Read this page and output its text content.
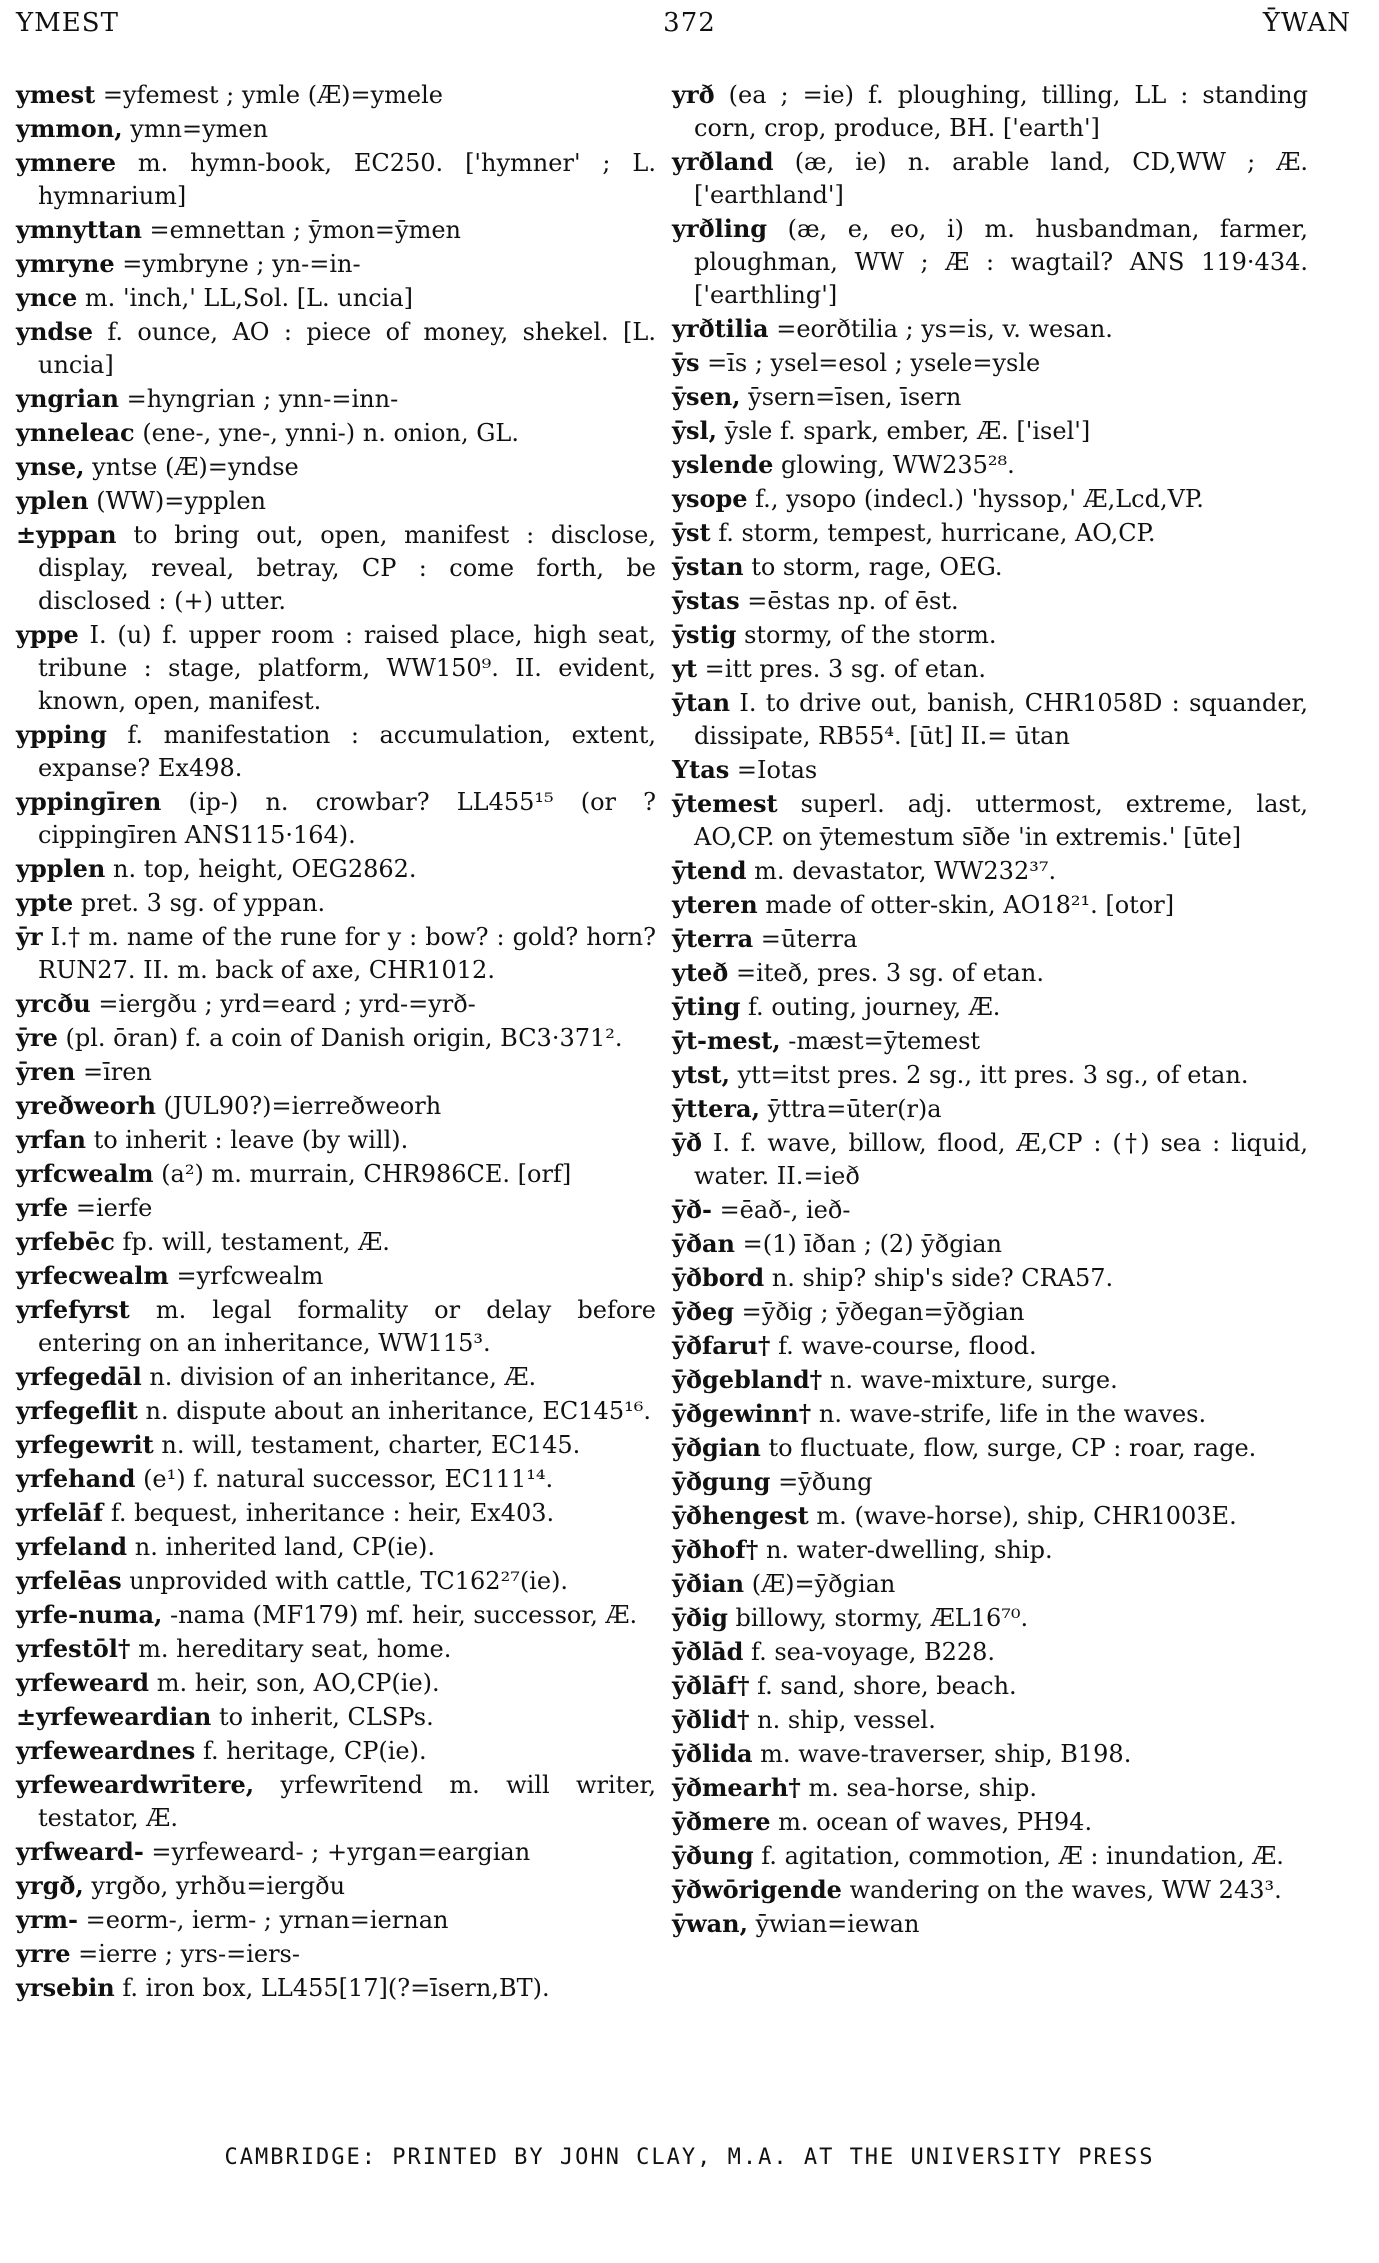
YMEST	372	ȲWAN

ymest =yfemest ; ymle (Æ)=ymele

ymmon, ymn=ymen

ymnere m. hymn-book, EC250. ['hymner' ; L. hymnarium]

ymnyttan =emnettan ; ȳmon=ȳmen

ymryne =ymbryne ; yn-=in-

ynce m. 'inch,' LL,Sol. [L. uncia]

yndse f. ounce, AO : piece of money, shekel. [L. uncia]

yngrian =hyngrian ; ynn-=inn-

ynneleac (ene-, yne-, ynni-) n. onion, GL.

ynse, yntse (Æ)=yndse

yplen (WW)=ypplen

±yppan to bring out, open, manifest : disclose, display, reveal, betray, CP : come forth, be disclosed : (+) utter.

yppe I. (u) f. upper room : raised place, high seat, tribune : stage, platform, WW150⁹. II. evident, known, open, manifest.

ypping f. manifestation : accumulation, extent, expanse? Ex498.

yppingīren (ip-) n. crowbar? LL455¹⁵ (or ? cippingīren ANS115·164).

ypplen n. top, height, OEG2862.

ypte pret. 3 sg. of yppan.

ȳr I.† m. name of the rune for y : bow? : gold? horn? RUN27. II. m. back of axe, CHR1012.

yrcðu =iergðu ; yrd=eard ; yrd-=yrð-

ȳre (pl. ōran) f. a coin of Danish origin, BC3·371².

ȳren =īren

yreðweorh (JUL90?)=ierreðweorh

yrfan to inherit : leave (by will).

yrfcwealm (a²) m. murrain, CHR986CE. [orf]

yrfe =ierfe

yrfebēc fp. will, testament, Æ.

yrfecwealm =yrfcwealm

yrfefyrst m. legal formality or delay before entering on an inheritance, WW115³.

yrfegedāl n. division of an inheritance, Æ.

yrfegeflit n. dispute about an inheritance, EC145¹⁶.

yrfegewrit n. will, testament, charter, EC145.

yrfehand (e¹) f. natural successor, EC111¹⁴.

yrfelāf f. bequest, inheritance : heir, Ex403.

yrfeland n. inherited land, CP(ie).

yrfelēas unprovided with cattle, TC162²⁷(ie).

yrfe-numa, -nama (MF179) mf. heir, successor, Æ.

yrfestōl† m. hereditary seat, home.

yrfeweard m. heir, son, AO,CP(ie).

±yrfeweardian to inherit, CLSPs.

yrfeweardnes f. heritage, CP(ie).

yrfeweardwrītere, yrfewrītend m. will writer, testator, Æ.

yrfweard- =yrfeweard- ; +yrgan=eargian

yrgð, yrgðo, yrhðu=iergðu

yrm- =eorm-, ierm- ; yrnan=iernan

yrre =ierre ; yrs-=iers-

yrsebin f. iron box, LL455[17](?=īsern,BT).

yrð (ea ; =ie) f. ploughing, tilling, LL : standing corn, crop, produce, BH. ['earth']

yrðland (æ, ie) n. arable land, CD,WW ; Æ. ['earthland']

yrðling (æ, e, eo, i) m. husbandman, farmer, ploughman, WW ; Æ : wagtail? ANS 119·434. ['earthling']

yrðtilia =eorðtilia ; ys=is, v. wesan.

ȳs =īs ; ysel=esol ; ysele=ysle

ȳsen, ȳsern=īsen, īsern

ȳsl, ȳsle f. spark, ember, Æ. ['isel']

yslende glowing, WW235²⁸.

ysope f., ysopo (indecl.) 'hyssop,' Æ,Lcd,VP.

ȳst f. storm, tempest, hurricane, AO,CP.

ȳstan to storm, rage, OEG.

ȳstas =ēstas np. of ēst.

ȳstig stormy, of the storm.

yt =itt pres. 3 sg. of etan.

ȳtan I. to drive out, banish, CHR1058D : squander, dissipate, RB55⁴. [ūt] II.= ūtan

Ytas =Iotas

ȳtemest superl. adj. uttermost, extreme, last, AO,CP. on ȳtemestum sīðe 'in extremis.' [ūte]

ȳtend m. devastator, WW232³⁷.

yteren made of otter-skin, AO18²¹. [otor]

ȳterra =ūterra

yteð =iteð, pres. 3 sg. of etan.

ȳting f. outing, journey, Æ.

ȳt-mest, -mæst=ȳtemest

ytst, ytt=itst pres. 2 sg., itt pres. 3 sg., of etan.

ȳttera, ȳttra=ūter(r)a

ȳð I. f. wave, billow, flood, Æ,CP : (†) sea : liquid, water. II.=ieð

ȳð- =ēað-, ieð-

ȳðan =(1) īðan ; (2) ȳðgian

ȳðbord n. ship? ship's side? CRA57.

ȳðeg =ȳðig ; ȳðegan=ȳðgian

ȳðfaru† f. wave-course, flood.

ȳðgebland† n. wave-mixture, surge.

ȳðgewinn† n. wave-strife, life in the waves.

ȳðgian to fluctuate, flow, surge, CP : roar, rage.

ȳðgung =ȳðung

ȳðhengest m. (wave-horse), ship, CHR1003E.

ȳðhof† n. water-dwelling, ship.

ȳðian (Æ)=ȳðgian

ȳðig billowy, stormy, ÆL16⁷⁰.

ȳðlād f. sea-voyage, B228.

ȳðlāf† f. sand, shore, beach.

ȳðlid† n. ship, vessel.

ȳðlida m. wave-traverser, ship, B198.

ȳðmearh† m. sea-horse, ship.

ȳðmere m. ocean of waves, PH94.

ȳðung f. agitation, commotion, Æ : inundation, Æ.

ȳðwōrigende wandering on the waves, WW 243³.

ȳwan, ȳwian=iewan

CAMBRIDGE: PRINTED BY JOHN CLAY, M.A. AT THE UNIVERSITY PRESS
